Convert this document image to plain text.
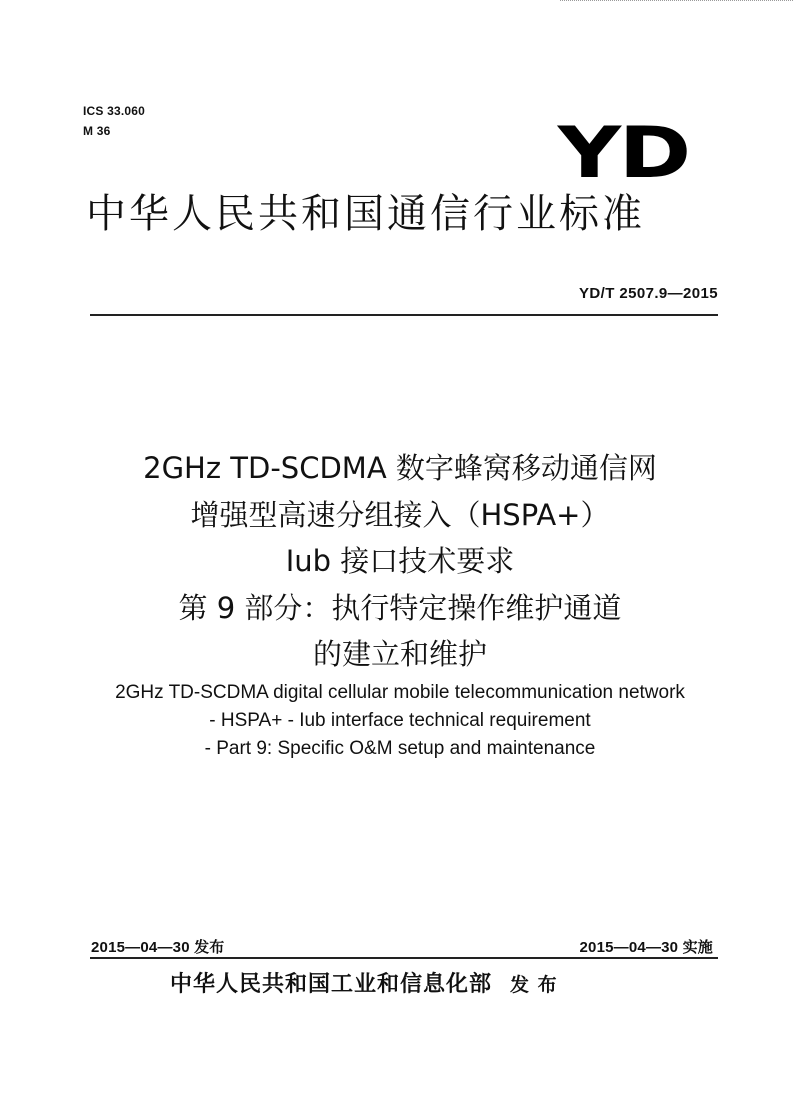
ICS 33.060
M 36	YD
中华人民共和国通信行业标准
YD/T 2507.9—2015
2GHz TD-SCDMA 数字蜂窝移动通信网
增强型高速分组接入（HSPA+）
Iub 接口技术要求
第 9 部分：执行特定操作维护通道
的建立和维护
2GHz TD-SCDMA digital cellular mobile telecommunication network
- HSPA+ - Iub interface technical requirement
- Part 9: Specific O&M setup and maintenance
2015—04—30 发布	2015—04—30 实施
中华人民共和国工业和信息化部 发 布
